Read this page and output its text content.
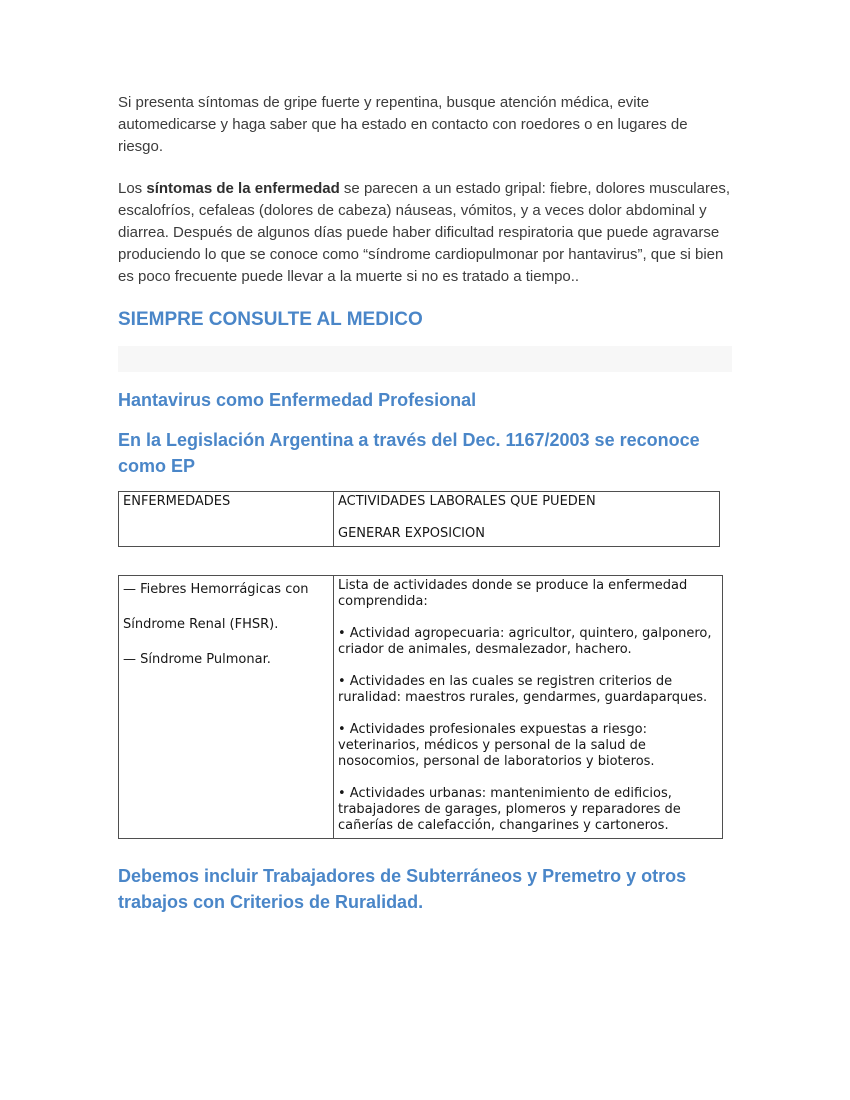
Si presenta síntomas de gripe fuerte y repentina, busque atención médica, evite automedicarse y haga saber que ha estado en contacto con roedores o en lugares de riesgo.

Los síntomas de la enfermedad se parecen a un estado gripal: fiebre, dolores musculares, escalofríos, cefaleas (dolores de cabeza) náuseas, vómitos, y a veces dolor abdominal y diarrea. Después de algunos días puede haber dificultad respiratoria que puede agravarse produciendo lo que se conoce como “síndrome cardiopulmonar por hantavirus”, que si bien es poco frecuente puede llevar a la muerte si no es tratado a tiempo..

SIEMPRE CONSULTE AL MEDICO
Hantavirus como Enfermedad Profesional
En la Legislación Argentina a través del Dec. 1167/2003 se reconoce como EP

ENFERMEDADES	ACTIVIDADES LABORALES QUE PUEDEN

GENERAR EXPOSICION

— Fiebres Hemorrágicas con Síndrome Renal (FHSR).

— Síndrome Pulmonar.

Lista de actividades donde se produce la enfermedad comprendida:

• Actividad agropecuaria: agricultor, quintero, galponero, criador de animales, desmalezador, hachero.

• Actividades en las cuales se registren criterios de ruralidad: maestros rurales, gendarmes, guardaparques.

• Actividades profesionales expuestas a riesgo: veterinarios, médicos y personal de la salud de nosocomios, personal de laboratorios y bioteros.

• Actividades urbanas: mantenimiento de edificios, trabajadores de garages, plomeros y reparadores de cañerías de calefacción, changarines y cartoneros.

Debemos incluir Trabajadores de Subterráneos y Premetro y otros trabajos con Criterios de Ruralidad.
